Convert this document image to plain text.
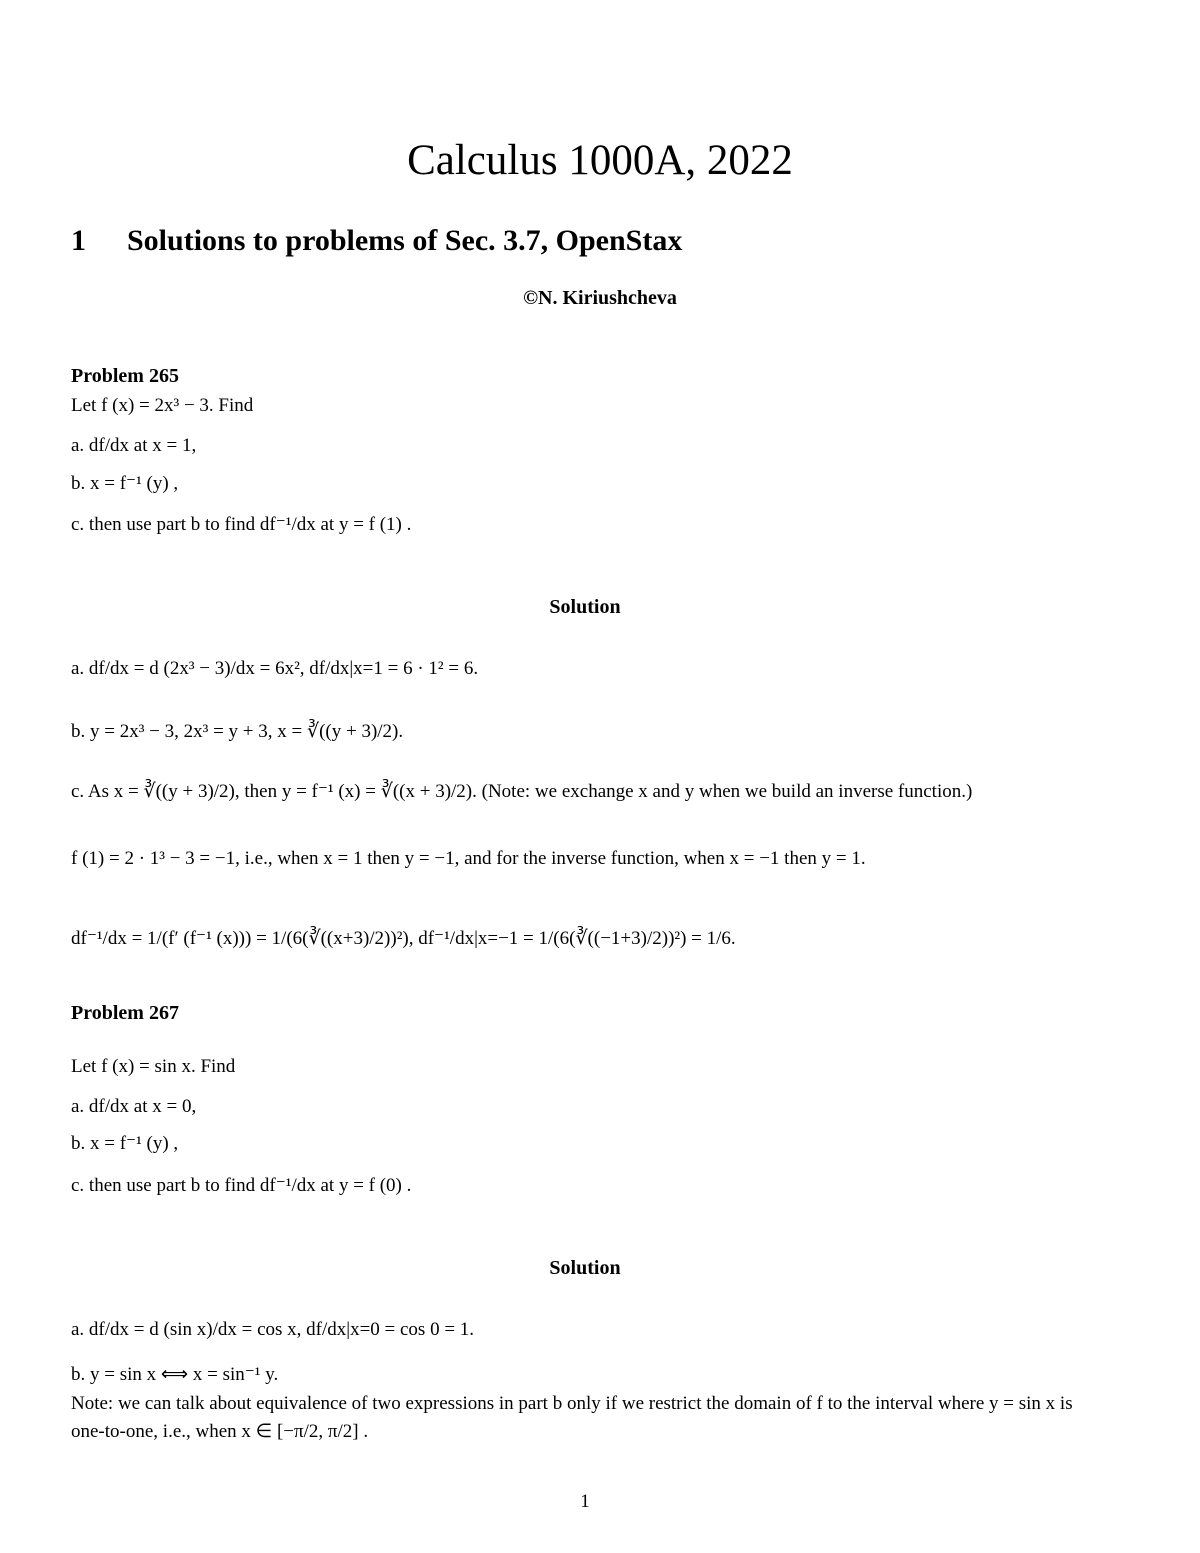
Calculus 1000A, 2022
1 Solutions to problems of Sec. 3.7, OpenStax
©N. Kiriushcheva
Problem 265
Let f (x) = 2x³ − 3. Find
a. df/dx at x = 1,
b. x = f⁻¹ (y) ,
c. then use part b to find df⁻¹/dx at y = f (1) .
Solution
a. df/dx = d (2x³ − 3)/dx = 6x², df/dx|x=1 = 6 · 1² = 6.
b. y = 2x³ − 3, 2x³ = y + 3, x = ∛((y + 3)/2).
c. As x = ∛((y + 3)/2), then y = f⁻¹ (x) = ∛((x + 3)/2). (Note: we exchange x and y when we build an inverse function.)
f (1) = 2 · 1³ − 3 = −1, i.e., when x = 1 then y = −1, and for the inverse function, when x = −1 then y = 1.
df⁻¹/dx = 1/(f′ (f⁻¹ (x))) = 1/(6(∛((x+3)/2))²), df⁻¹/dx|x=−1 = 1/(6(∛((−1+3)/2))²) = 1/6.
Problem 267
Let f (x) = sin x. Find
a. df/dx at x = 0,
b. x = f⁻¹ (y) ,
c. then use part b to find df⁻¹/dx at y = f (0) .
Solution
a. df/dx = d (sin x)/dx = cos x, df/dx|x=0 = cos 0 = 1.
b. y = sin x ⟺ x = sin⁻¹ y.
Note: we can talk about equivalence of two expressions in part b only if we restrict the domain of f to the interval where y = sin x is one-to-one, i.e., when x ∈ [−π/2, π/2] .
1
